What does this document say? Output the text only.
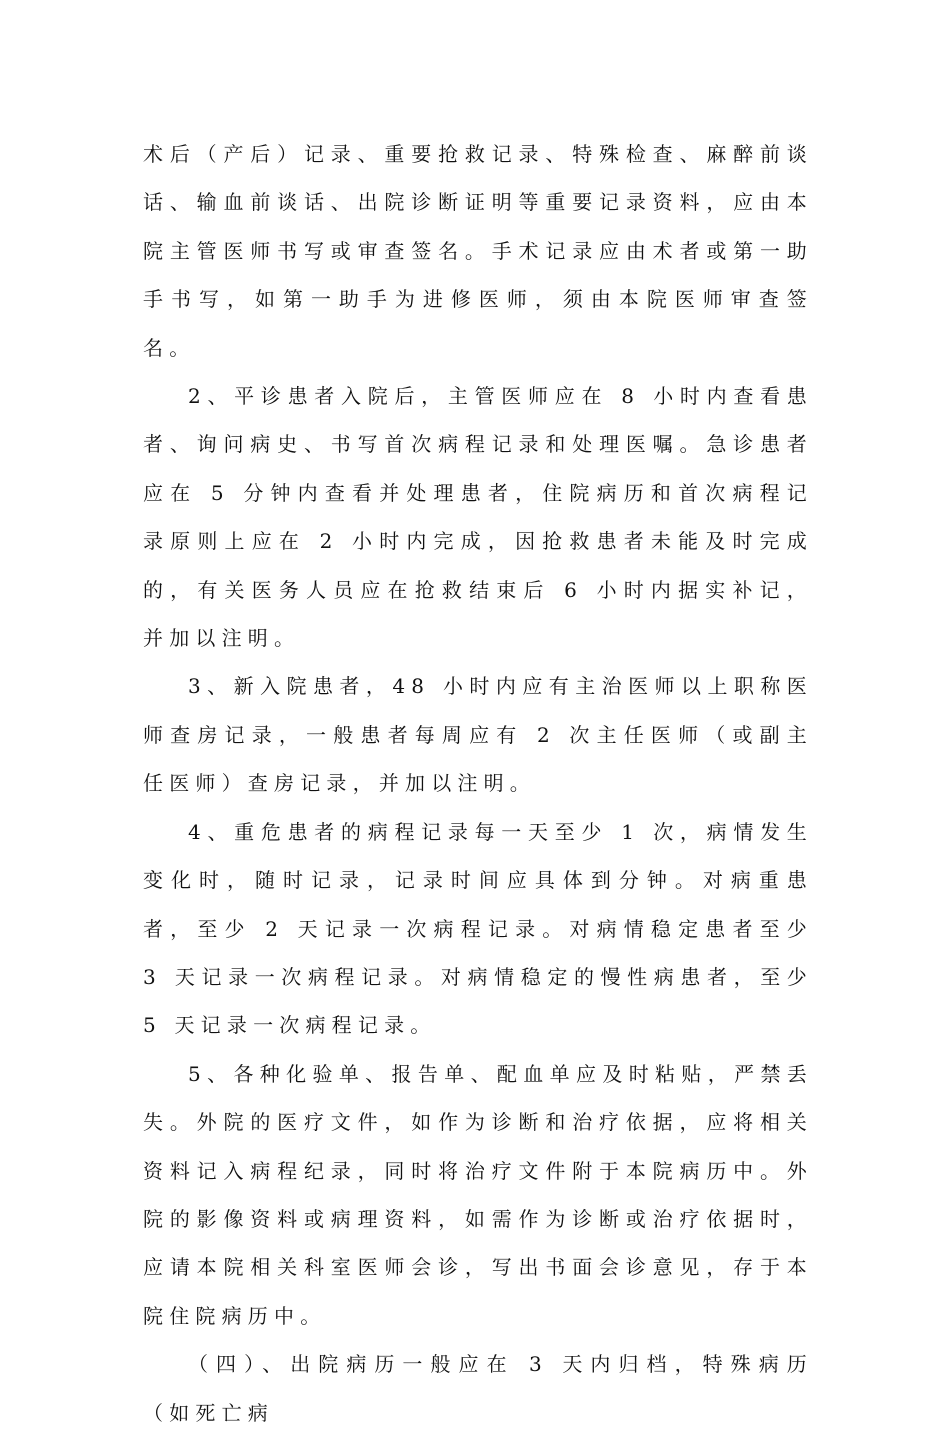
术后（产后）记录、重要抢救记录、特殊检查、麻醉前谈话、输血前谈话、出院诊断证明等重要记录资料，应由本院主管医师书写或审查签名。手术记录应由术者或第一助手书写，如第一助手为进修医师，须由本院医师审查签名。
2、平诊患者入院后，主管医师应在 8 小时内查看患者、询问病史、书写首次病程记录和处理医嘱。急诊患者应在 5 分钟内查看并处理患者，住院病历和首次病程记录原则上应在 2 小时内完成，因抢救患者未能及时完成的，有关医务人员应在抢救结束后 6 小时内据实补记，并加以注明。
3、新入院患者，48 小时内应有主治医师以上职称医师查房记录，一般患者每周应有 2 次主任医师（或副主任医师）查房记录，并加以注明。
4、重危患者的病程记录每一天至少 1 次，病情发生变化时，随时记录，记录时间应具体到分钟。对病重患者，至少 2 天记录一次病程记录。对病情稳定患者至少 3 天记录一次病程记录。对病情稳定的慢性病患者，至少 5 天记录一次病程记录。
5、各种化验单、报告单、配血单应及时粘贴，严禁丢失。外院的医疗文件，如作为诊断和治疗依据，应将相关资料记入病程纪录，同时将治疗文件附于本院病历中。外院的影像资料或病理资料，如需作为诊断或治疗依据时，应请本院相关科室医师会诊，写出书面会诊意见，存于本院住院病历中。
（四）、出院病历一般应在 3 天内归档，特殊病历（如死亡病
